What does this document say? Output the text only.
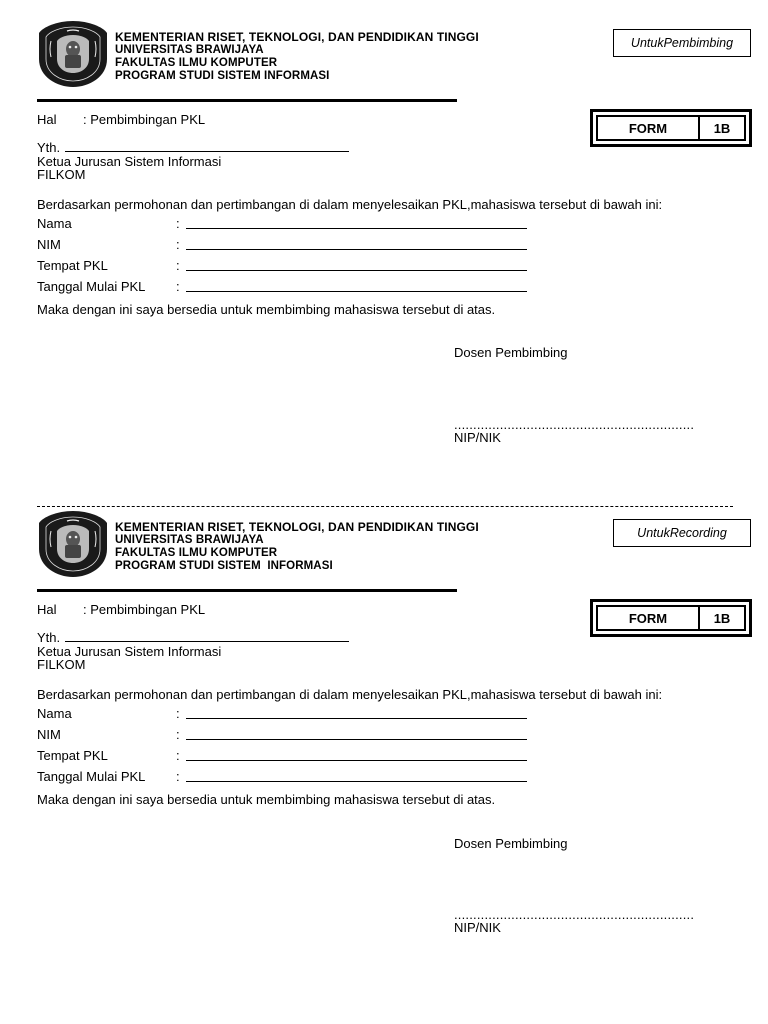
KEMENTERIAN RISET, TEKNOLOGI, DAN PENDIDIKAN TINGGI
UNIVERSITAS BRAWIJAYA
FAKULTAS ILMU KOMPUTER
PROGRAM STUDI SISTEM INFORMASI
UntukPembimbing
FORM	1B
Hal : Pembimbingan PKL
Yth.
Ketua Jurusan Sistem Informasi
FILKOM
Berdasarkan permohonan dan pertimbangan di dalam menyelesaikan PKL,mahasiswa tersebut di bawah ini:
Nama	:
NIM	:
Tempat PKL	:
Tanggal Mulai PKL :
Maka dengan ini saya bersedia untuk membimbing mahasiswa tersebut di atas.
Dosen Pembimbing
...............................................................
NIP/NIK
KEMENTERIAN RISET, TEKNOLOGI, DAN PENDIDIKAN TINGGI
UNIVERSITAS BRAWIJAYA
FAKULTAS ILMU KOMPUTER
PROGRAM STUDI SISTEM  INFORMASI
UntukRecording
FORM	1B
Hal : Pembimbingan PKL
Yth.
Ketua Jurusan Sistem Informasi
FILKOM
Berdasarkan permohonan dan pertimbangan di dalam menyelesaikan PKL,mahasiswa tersebut di bawah ini:
Nama	:
NIM	:
Tempat PKL	:
Tanggal Mulai PKL :
Maka dengan ini saya bersedia untuk membimbing mahasiswa tersebut di atas.
Dosen Pembimbing
...............................................................
NIP/NIK
